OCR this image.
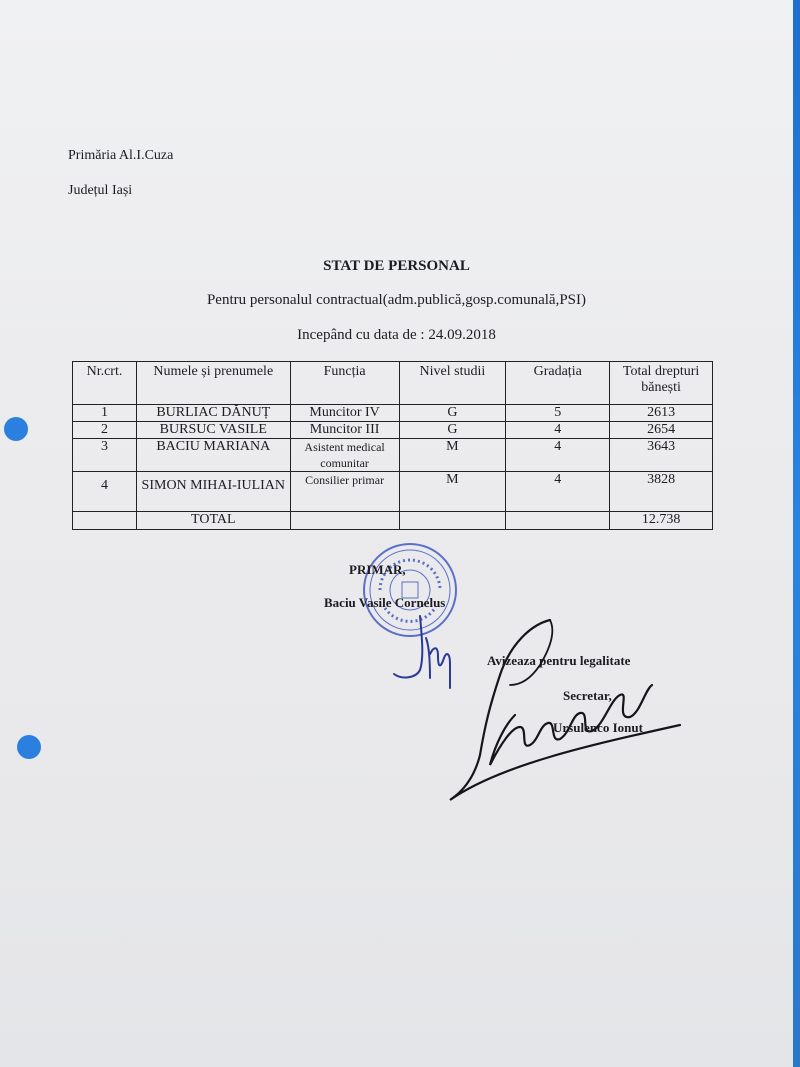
Primăria Al.I.Cuza
Județul Iași
STAT DE PERSONAL
Pentru personalul contractual(adm.publică,gosp.comunală,PSI)
Incepând cu data de : 24.09.2018
Nr.crt.	Numele și prenumele	Funcția	Nivel studii	Gradația	Total drepturi bănești
1	BURLIAC DĂNUȚ	Muncitor IV	G	5	2613
2	BURSUC VASILE	Muncitor III	G	4	2654
3	BACIU MARIANA	Asistent medical comunitar	M	4	3643
4	SIMON MIHAI-IULIAN	Consilier primar	M	4	3828
	TOTAL				12.738
PRIMAR,
Baciu Vasile Cornelus
Avizeaza pentru legalitate
Secretar,
Ursulenco Ionut
